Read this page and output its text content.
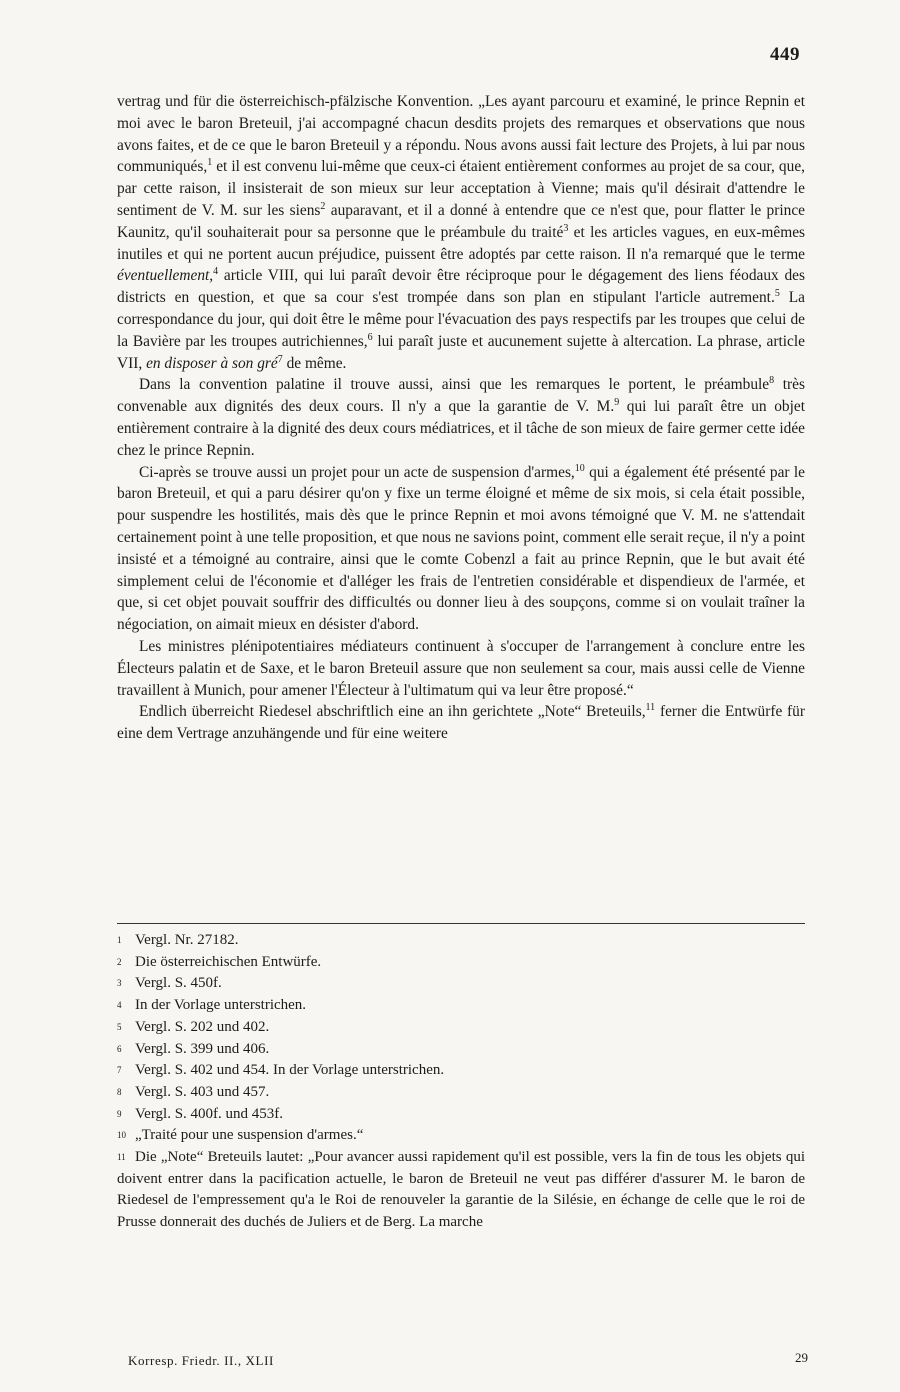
449

vertrag und für die österreichisch-pfälzische Konvention. „Les ayant parcouru et examiné, le prince Repnin et moi avec le baron Breteuil, j'ai accompagné chacun desdits projets des remarques et observations que nous avons faites, et de ce que le baron Breteuil y a répondu. Nous avons aussi fait lecture des Projets, à lui par nous communiqués,$^1$ et il est convenu lui-même que ceux-ci étaient entièrement conformes au projet de sa cour, que, par cette raison, il insisterait de son mieux sur leur acceptation à Vienne; mais qu'il désirait d'attendre le sentiment de V. M. sur les siens$^2$ auparavant, et il a donné à entendre que ce n'est que, pour flatter le prince Kaunitz, qu'il souhaiterait pour sa personne que le préambule du traité$^3$ et les articles vagues, en eux-mêmes inutiles et qui ne portent aucun préjudice, puissent être adoptés par cette raison. Il n'a remarqué que le terme éventuellement,$^4$ article VIII, qui lui paraît devoir être réciproque pour le dégagement des liens féodaux des districts en question, et que sa cour s'est trompée dans son plan en stipulant l'article autrement.$^5$ La correspondance du jour, qui doit être le même pour l'évacuation des pays respectifs par les troupes que celui de la Bavière par les troupes autrichiennes,$^6$ lui paraît juste et aucunement sujette à altercation. La phrase, article VII, en disposer à son gré$^7$ de même.

Dans la convention palatine il trouve aussi, ainsi que les remarques le portent, le préambule$^8$ très convenable aux dignités des deux cours. Il n'y a que la garantie de V. M.$^9$ qui lui paraît être un objet entièrement contraire à la dignité des deux cours médiatrices, et il tâche de son mieux de faire germer cette idée chez le prince Repnin.

Ci-après se trouve aussi un projet pour un acte de suspension d'armes,$^{10}$ qui a également été présenté par le baron Breteuil, et qui a paru désirer qu'on y fixe un terme éloigné et même de six mois, si cela était possible, pour suspendre les hostilités, mais dès que le prince Repnin et moi avons témoigné que V. M. ne s'attendait certainement point à une telle proposition, et que nous ne savions point, comment elle serait reçue, il n'y a point insisté et a témoigné au contraire, ainsi que le comte Cobenzl a fait au prince Repnin, que le but avait été simplement celui de l'économie et d'alléger les frais de l'entretien considérable et dispendieux de l'armée, et que, si cet objet pouvait souffrir des difficultés ou donner lieu à des soupçons, comme si on voulait traîner la négociation, on aimait mieux en désister d'abord.

Les ministres plénipotentiaires médiateurs continuent à s'occuper de l'arrangement à conclure entre les Électeurs palatin et de Saxe, et le baron Breteuil assure que non seulement sa cour, mais aussi celle de Vienne travaillent à Munich, pour amener l'Électeur à l'ultimatum qui va leur être proposé.“

Endlich überreicht Riedesel abschriftlich eine an ihn gerichtete „Note“ Breteuils,$^{11}$ ferner die Entwürfe für eine dem Vertrage anzuhängende und für eine weitere

1 Vergl. Nr. 27182.

2 Die österreichischen Entwürfe.

3 Vergl. S. 450f.

4 In der Vorlage unterstrichen.

5 Vergl. S. 202 und 402.

6 Vergl. S. 399 und 406.

7 Vergl. S. 402 und 454. In der Vorlage unterstrichen.

8 Vergl. S. 403 und 457.

9 Vergl. S. 400f. und 453f.

10 „Traité pour une suspension d'armes.“

11 Die „Note“ Breteuils lautet: „Pour avancer aussi rapidement qu'il est possible, vers la fin de tous les objets qui doivent entrer dans la pacification actuelle, le baron de Breteuil ne veut pas différer d'assurer M. le baron de Riedesel de l'empressement qu'a le Roi de renouveler la garantie de la Silésie, en échange de celle que le roi de Prusse donnerait des duchés de Juliers et de Berg. La marche

Korresp. Friedr. II., XLII	29
